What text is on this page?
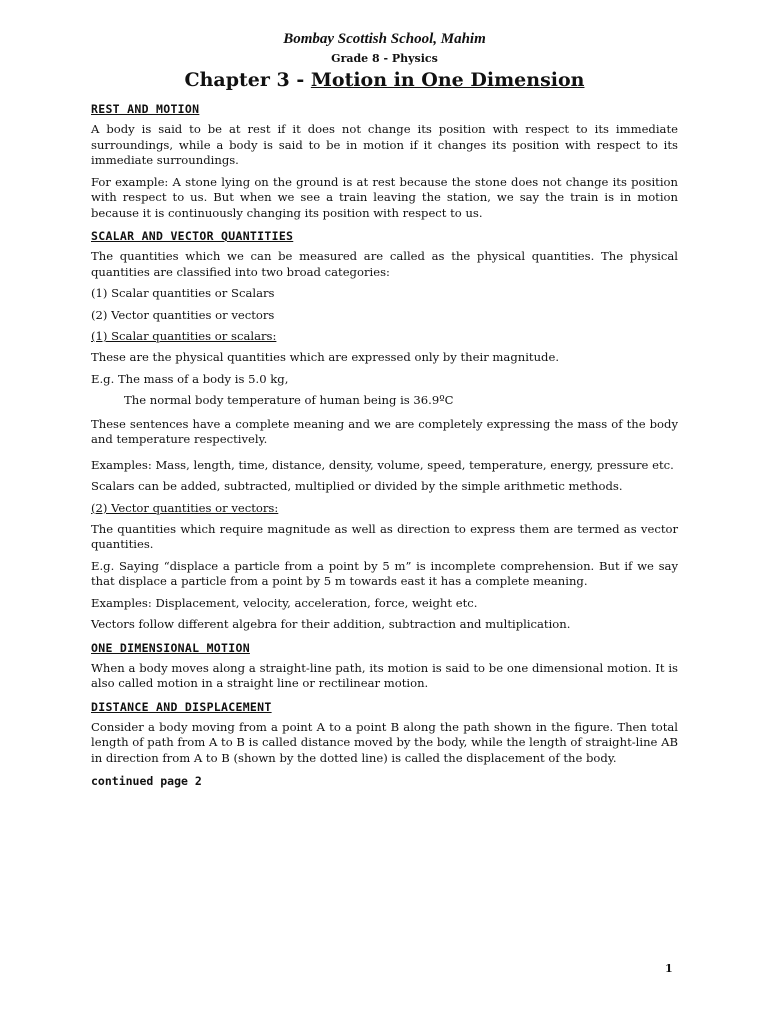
Bombay Scottish School, Mahim
Grade 8 - Physics
Chapter 3 - Motion in One Dimension
REST AND MOTION

A body is said to be at rest if it does not change its position with respect to its immediate surroundings, while a body is said to be in motion if it changes its position with respect to its immediate surroundings.

For example: A stone lying on the ground is at rest because the stone does not change its position with respect to us. But when we see a train leaving the station, we say the train is in motion because it is continuously changing its position with respect to us.

SCALAR AND VECTOR QUANTITIES

The quantities which we can be measured are called as the physical quantities. The physical quantities are classified into two broad categories:

(1) Scalar quantities or Scalars

(2) Vector quantities or vectors

(1) Scalar quantities or scalars:

These are the physical quantities which are expressed only by their magnitude.

E.g. The mass of a body is 5.0 kg,

The normal body temperature of human being is 36.9ºC

These sentences have a complete meaning and we are completely expressing the mass of the body and temperature respectively.

Examples: Mass, length, time, distance, density, volume, speed, temperature, energy, pressure etc.

Scalars can be added, subtracted, multiplied or divided by the simple arithmetic methods.

(2) Vector quantities or vectors:

The quantities which require magnitude as well as direction to express them are termed as vector quantities.

E.g. Saying “displace a particle from a point by 5 m” is incomplete comprehension. But if we say that displace a particle from a point by 5 m towards east it has a complete meaning.

Examples: Displacement, velocity, acceleration, force, weight etc.

Vectors follow different algebra for their addition, subtraction and multiplication.

ONE DIMENSIONAL MOTION

When a body moves along a straight-line path, its motion is said to be one dimensional motion. It is also called motion in a straight line or rectilinear motion.

DISTANCE AND DISPLACEMENT

Consider a body moving from a point A to a point B along the path shown in the figure. Then total length of path from A to B is called distance moved by the body, while the length of straight-line AB in direction from A to B (shown by the dotted line) is called the displacement of the body.

continued page 2
1
